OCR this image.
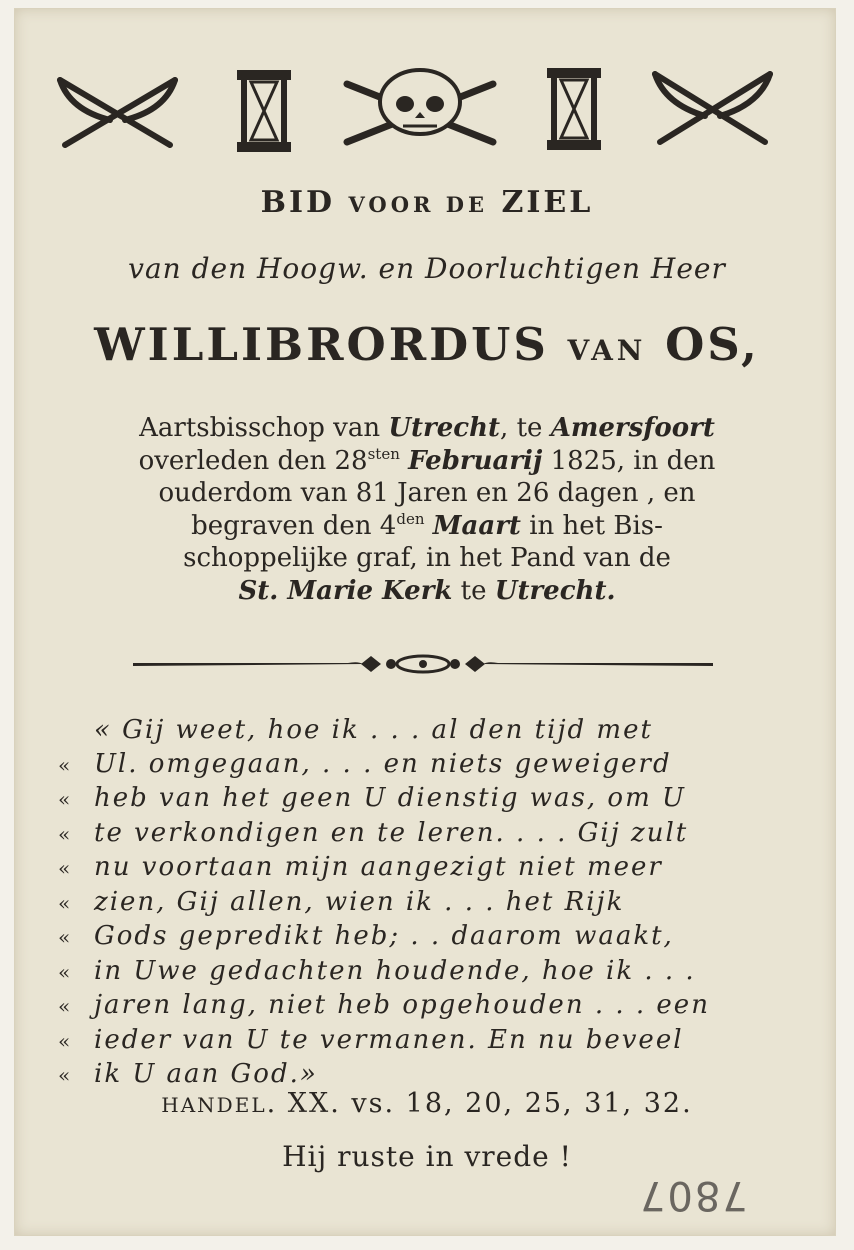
BID VOOR DE ZIEL
van den Hoogw. en Doorluchtigen Heer
WILLIBRORDUS VAN OS,
Aartsbisschop van Utrecht, te Amersfoort
overleden den $28^{sten}$ Februarij 1825, in den
ouderdom van 81 Jaren en 26 dagen , en
begraven den $4^{den}$ Maart in het Bis-
schoppelijke graf, in het Pand van de
St. Marie Kerk te Utrecht.
« Gij weet, hoe ik . . . al den tijd met
« Ul. omgegaan, . . . en niets geweigerd
« heb van het geen U dienstig was, om U
« te verkondigen en te leren. . . . Gij zult
« nu voortaan mijn aangezigt niet meer
« zien, Gij allen, wien ik . . . het Rijk
« Gods gepredikt heb; . . daarom waakt,
« in Uwe gedachten houdende, hoe ik . . .
« jaren lang, niet heb opgehouden . . . een
« ieder van U te vermanen. En nu beveel
« ik U aan God.»
HANDEL. XX. vs. 18, 20, 25, 31, 32.
Hij ruste in vrede !
7807
